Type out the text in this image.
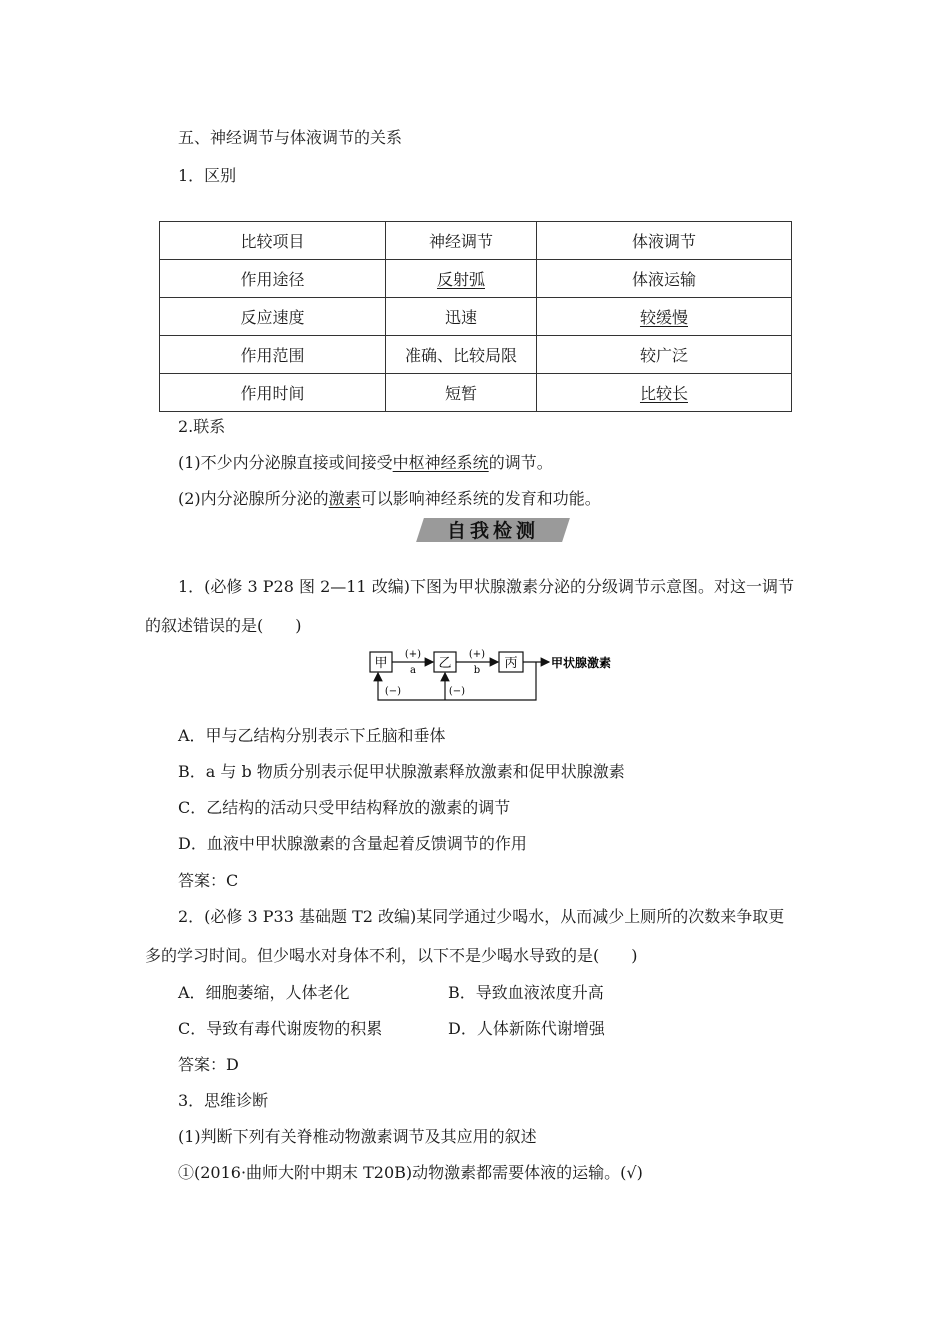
五、神经调节与体液调节的关系
1．区别
比较项目	神经调节	体液调节
作用途径	反射弧	体液运输
反应速度	迅速	较缓慢
作用范围	准确、比较局限	较广泛
作用时间	短暂	比较长
2.联系
(1)不少内分泌腺直接或间接受中枢神经系统的调节。
(2)内分泌腺所分泌的激素可以影响神经系统的发育和功能。
自我检测
1．(必修 3 P28 图 2—11 改编)下图为甲状腺激素分泌的分级调节示意图。对这一调节
的叙述错误的是(　　)
甲	乙	丙
(+)
a
(+)
b
甲状腺激素
(−)	(−)
A．甲与乙结构分别表示下丘脑和垂体
B．a 与 b 物质分别表示促甲状腺激素释放激素和促甲状腺激素
C．乙结构的活动只受甲结构释放的激素的调节
D．血液中甲状腺激素的含量起着反馈调节的作用
答案：C
2．(必修 3 P33 基础题 T2 改编)某同学通过少喝水，从而减少上厕所的次数来争取更
多的学习时间。但少喝水对身体不利，以下不是少喝水导致的是(　　)
A．细胞萎缩，人体老化	B．导致血液浓度升高
C．导致有毒代谢废物的积累	D．人体新陈代谢增强
答案：D
3．思维诊断
(1)判断下列有关脊椎动物激素调节及其应用的叙述
①(2016·曲师大附中期末 T20B)动物激素都需要体液的运输。(√)
